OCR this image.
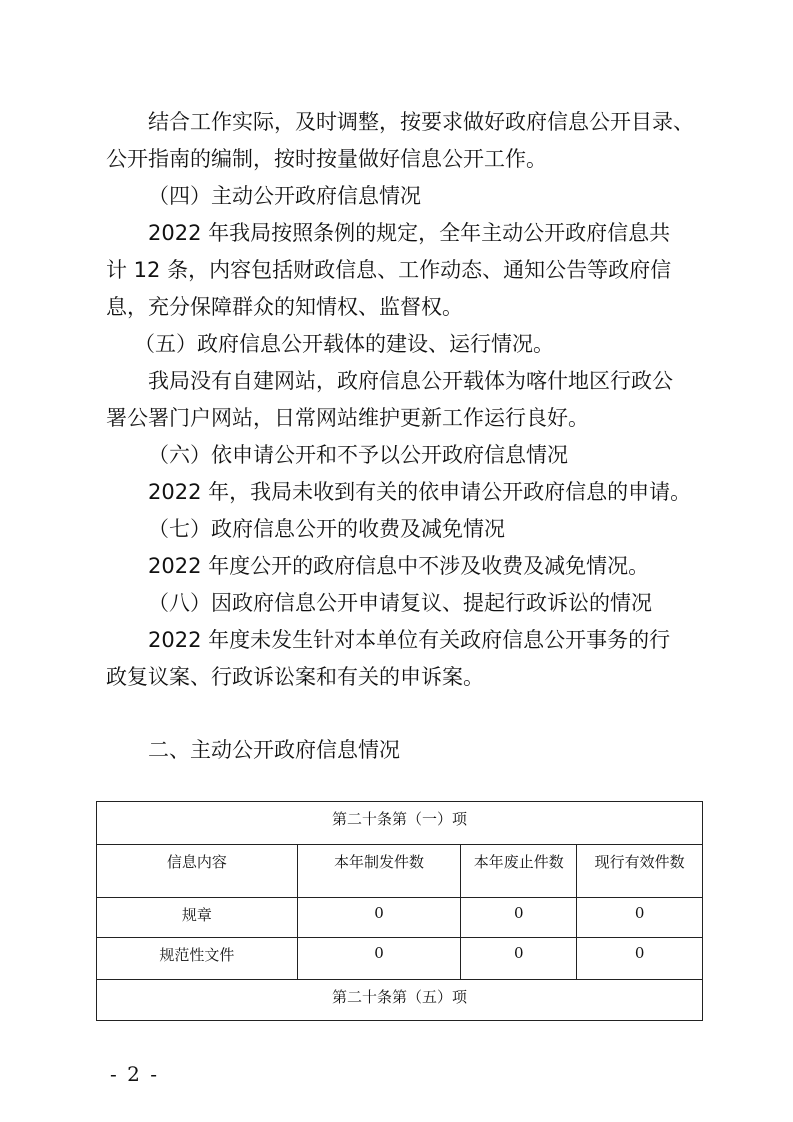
结合工作实际，及时调整，按要求做好政府信息公开目录、
公开指南的编制，按时按量做好信息公开工作。
（四）主动公开政府信息情况
2022 年我局按照条例的规定，全年主动公开政府信息共
计 12 条，内容包括财政信息、工作动态、通知公告等政府信
息，充分保障群众的知情权、监督权。
（五）政府信息公开载体的建设、运行情况。
我局没有自建网站，政府信息公开载体为喀什地区行政公
署公署门户网站，日常网站维护更新工作运行良好。
（六）依申请公开和不予以公开政府信息情况
2022 年，我局未收到有关的依申请公开政府信息的申请。
（七）政府信息公开的收费及减免情况
2022 年度公开的政府信息中不涉及收费及减免情况。
（八）因政府信息公开申请复议、提起行政诉讼的情况
2022 年度未发生针对本单位有关政府信息公开事务的行
政复议案、行政诉讼案和有关的申诉案。
二、主动公开政府信息情况
第二十条第（一）项			
信息内容	本年制发件数	本年废止件数	现行有效件数
规章	0	0	0
规范性文件	0	0	0
第二十条第（五）项			
- 2 -
